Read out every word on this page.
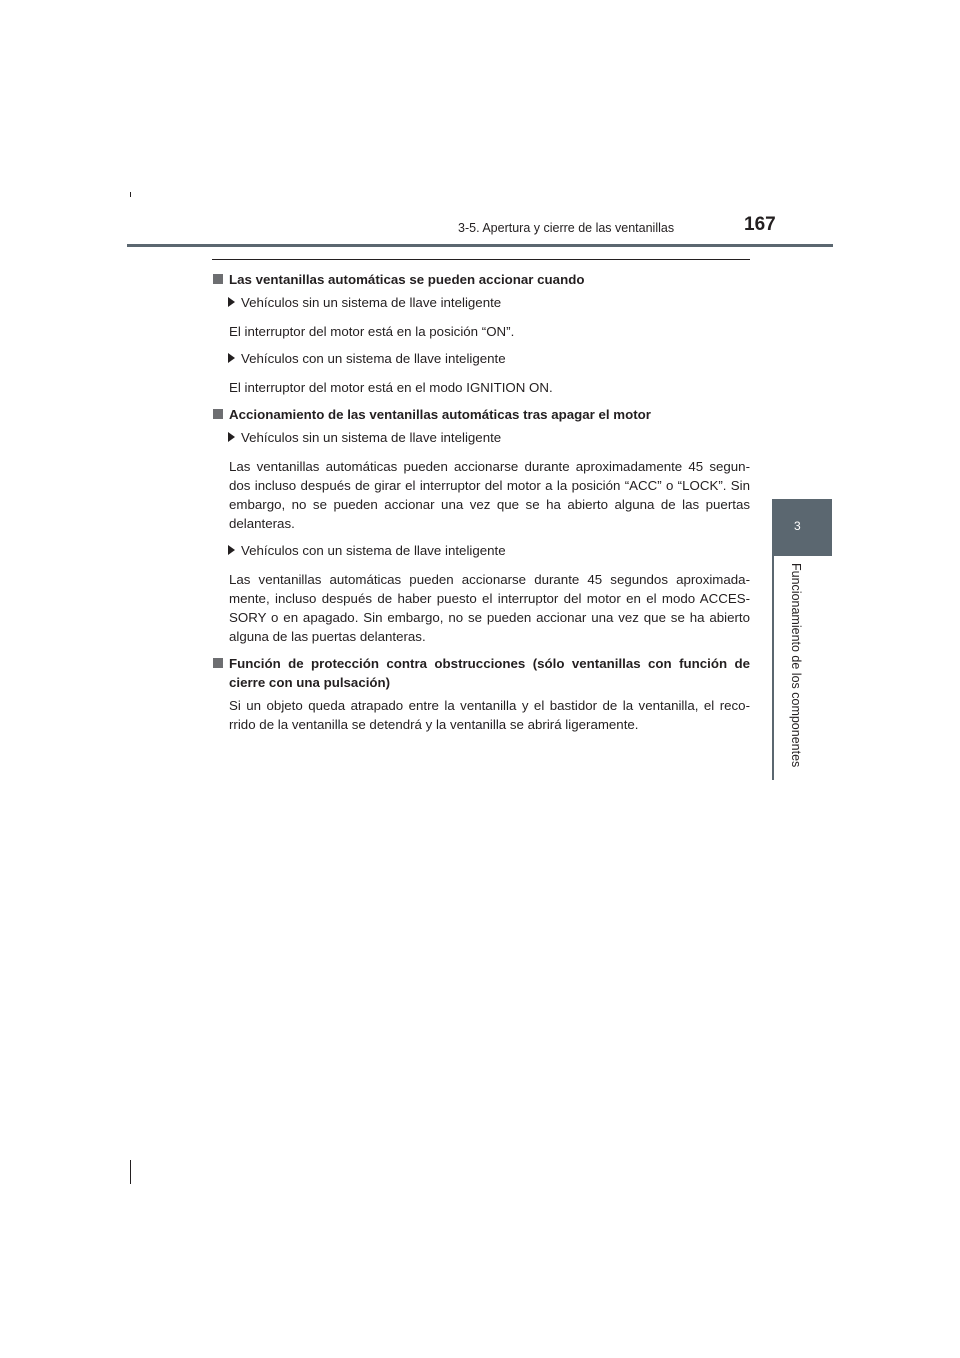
3-5. Apertura y cierre de las ventanillas	167
3
Funcionamiento de los componentes
Las ventanillas automáticas se pueden accionar cuando
Vehículos sin un sistema de llave inteligente

El interruptor del motor está en la posición “ON”.

Vehículos con un sistema de llave inteligente

El interruptor del motor está en el modo IGNITION ON.

Accionamiento de las ventanillas automáticas tras apagar el motor
Vehículos sin un sistema de llave inteligente

Las ventanillas automáticas pueden accionarse durante aproximadamente 45 segun-dos incluso después de girar el interruptor del motor a la posición “ACC” o “LOCK”. Sin embargo, no se pueden accionar una vez que se ha abierto alguna de las puertas delanteras.

Vehículos con un sistema de llave inteligente

Las ventanillas automáticas pueden accionarse durante 45 segundos aproximada-mente, incluso después de haber puesto el interruptor del motor en el modo ACCES-SORY o en apagado. Sin embargo, no se pueden accionar una vez que se ha abierto alguna de las puertas delanteras.

Función de protección contra obstrucciones (sólo ventanillas con función de cierre con una pulsación)

Si un objeto queda atrapado entre la ventanilla y el bastidor de la ventanilla, el reco-rrido de la ventanilla se detendrá y la ventanilla se abrirá ligeramente.
